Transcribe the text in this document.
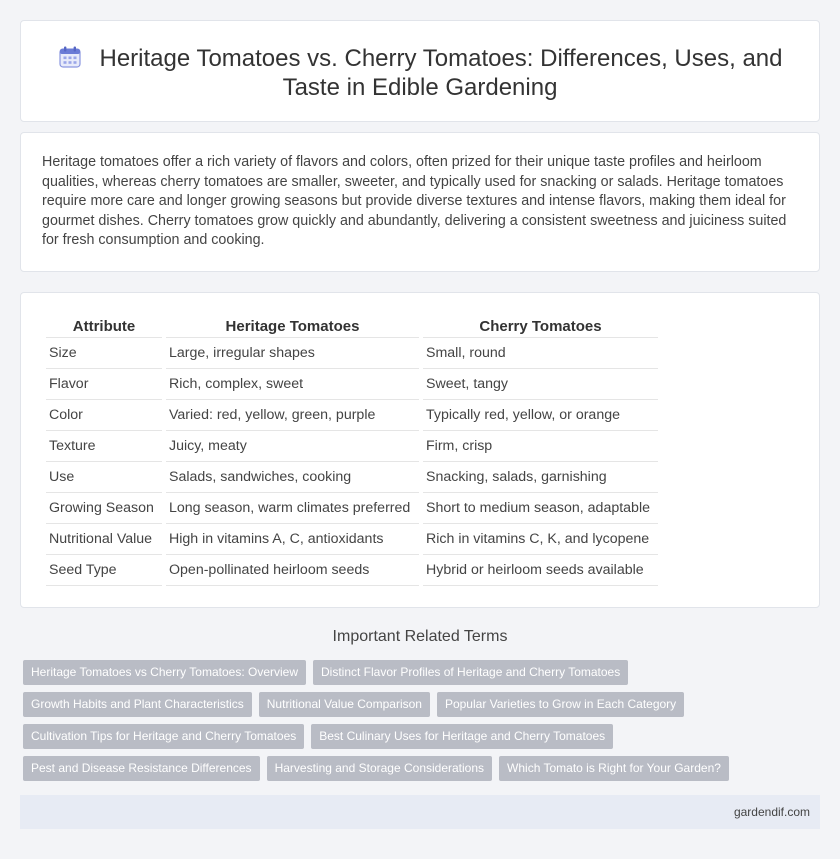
Heritage Tomatoes vs. Cherry Tomatoes: Differences, Uses, and
Taste in Edible Gardening

Heritage tomatoes offer a rich variety of flavors and colors, often prized for their unique taste profiles and heirloom qualities, whereas cherry tomatoes are smaller, sweeter, and typically used for snacking or salads. Heritage tomatoes require more care and longer growing seasons but provide diverse textures and intense flavors, making them ideal for gourmet dishes. Cherry tomatoes grow quickly and abundantly, delivering a consistent sweetness and juiciness suited for fresh consumption and cooking.

Attribute	Heritage Tomatoes	Cherry Tomatoes
Size	Large, irregular shapes	Small, round
Flavor	Rich, complex, sweet	Sweet, tangy
Color	Varied: red, yellow, green, purple	Typically red, yellow, or orange
Texture	Juicy, meaty	Firm, crisp
Use	Salads, sandwiches, cooking	Snacking, salads, garnishing
Growing Season	Long season, warm climates preferred	Short to medium season, adaptable
Nutritional Value	High in vitamins A, C, antioxidants	Rich in vitamins C, K, and lycopene
Seed Type	Open-pollinated heirloom seeds	Hybrid or heirloom seeds available
Important Related Terms
Heritage Tomatoes vs Cherry Tomatoes: Overview	Distinct Flavor Profiles of Heritage and Cherry Tomatoes
Growth Habits and Plant Characteristics	Nutritional Value Comparison	Popular Varieties to Grow in Each Category
Cultivation Tips for Heritage and Cherry Tomatoes	Best Culinary Uses for Heritage and Cherry Tomatoes
Pest and Disease Resistance Differences	Harvesting and Storage Considerations	Which Tomato is Right for Your Garden?
gardendif.com
